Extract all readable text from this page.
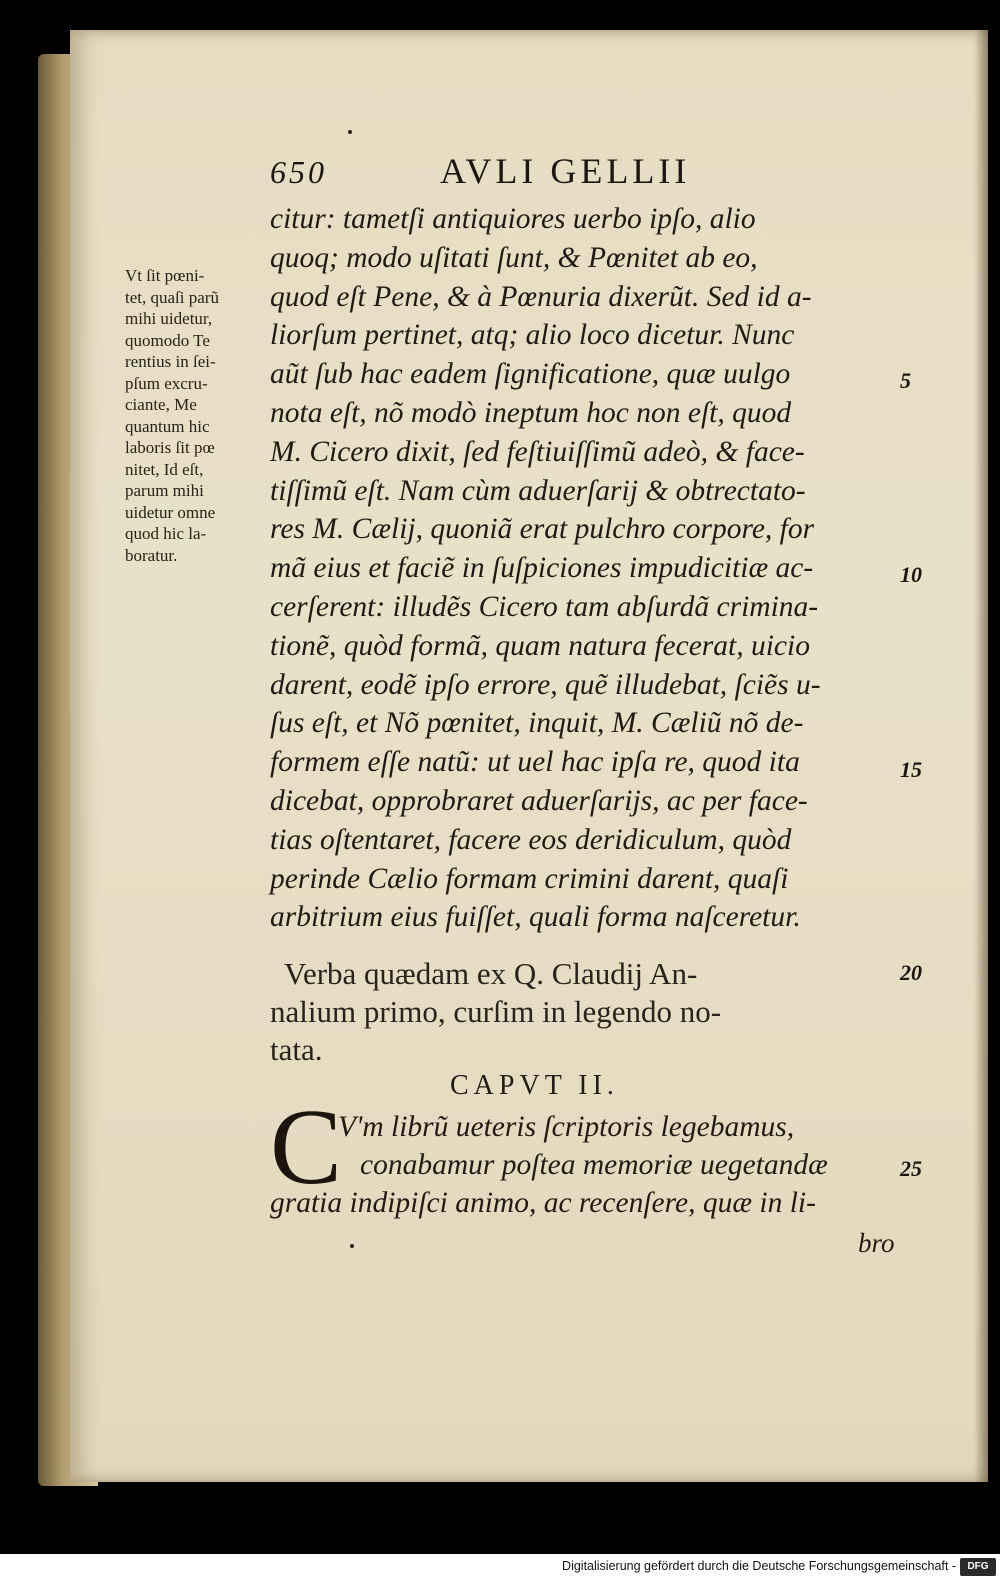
650	AVLI GELLII
Vt ſit pœni-
tet, quaſi parũ
mihi uidetur,
quomodo Te
rentius in ſei-
pſum excru-
ciante, Me
quantum hic
laboris ſit pœ
nitet, Id eſt,
parum mihi
uidetur omne
quod hic la-
boratur.
citur: tametſi antiquiores uerbo ipſo, alio
quoq; modo uſitati ſunt, & Pœnitet ab eo,
quod eſt Pene, & à Pœnuria dixerũt. Sed id a-
liorſum pertinet, atq; alio loco dicetur. Nunc
aũt ſub hac eadem ſignificatione, quæ uulgo
nota eſt, nõ modò ineptum hoc non eſt, quod
M. Cicero dixit, ſed feſtiuiſſimũ adeò, & face-
tiſſimũ eſt. Nam cùm aduerſarij & obtrectato-
res M. Cælij, quoniã erat pulchro corpore, for
mã eius et faciẽ in ſuſpiciones impudicitiæ ac-
cerſerent: illudẽs Cicero tam abſurdã crimina-
tionẽ, quòd formã, quam natura fecerat, uicio
darent, eodẽ ipſo errore, quẽ illudebat, ſciẽs u-
ſus eſt, et Nõ pœnitet, inquit, M. Cæliũ nõ de-
formem eſſe natũ: ut uel hac ipſa re, quod ita
dicebat, opprobraret aduerſarijs, ac per face-
tias oſtentaret, facere eos deridiculum, quòd
perinde Cælio formam crimini darent, quaſi
arbitrium eius fuiſſet, quali forma naſceretur.
Verba quædam ex Q. Claudij An-
nalium primo, curſim in legendo no-
tata.
CAPVT II.
C
V'm librũ ueteris ſcriptoris legebamus,
conabamur poſtea memoriæ uegetandæ
gratia indipiſci animo, ac recenſere, quæ in li-
bro
5
10
15
20
25
Digitalisierung gefördert durch die Deutsche Forschungsgemeinschaft -	DFG
